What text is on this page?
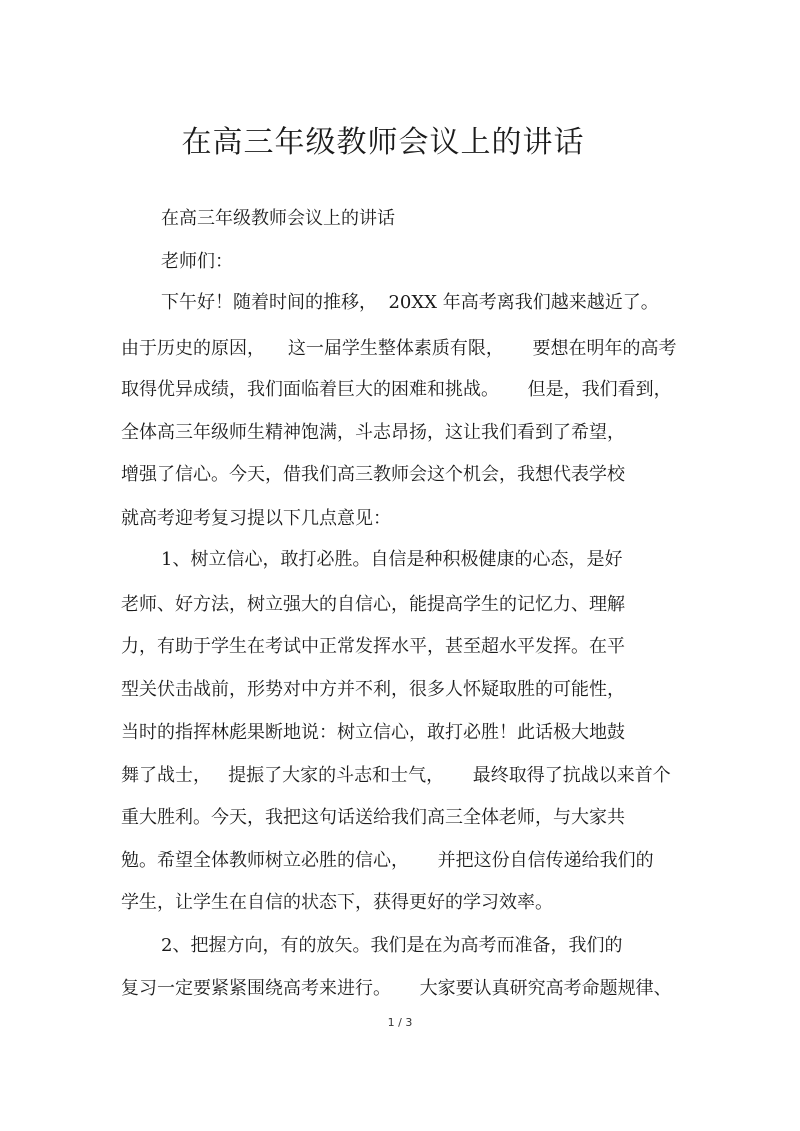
在高三年级教师会议上的讲话
在高三年级教师会议上的讲话
老师们：
下午好！随着时间的推移，  20XX 年高考离我们越来越近了。
由于历史的原因，    这一届学生整体素质有限，     要想在明年的高考
取得优异成绩，我们面临着巨大的困难和挑战。     但是，我们看到，
全体高三年级师生精神饱满，斗志昂扬，这让我们看到了希望，
增强了信心。今天，借我们高三教师会这个机会，我想代表学校
就高考迎考复习提以下几点意见：
1、树立信心，敢打必胜。自信是种积极健康的心态，是好
老师、好方法，树立强大的自信心，能提高学生的记忆力、理解
力，有助于学生在考试中正常发挥水平，甚至超水平发挥。在平
型关伏击战前，形势对中方并不利，很多人怀疑取胜的可能性，
当时的指挥林彪果断地说：树立信心，敢打必胜！此话极大地鼓
舞了战士，   提振了大家的斗志和士气，     最终取得了抗战以来首个
重大胜利。今天，我把这句话送给我们高三全体老师，与大家共
勉。希望全体教师树立必胜的信心，     并把这份自信传递给我们的
学生，让学生在自信的状态下，获得更好的学习效率。
2、把握方向，有的放矢。我们是在为高考而准备，我们的
复习一定要紧紧围绕高考来进行。     大家要认真研究高考命题规律、
1 / 3
